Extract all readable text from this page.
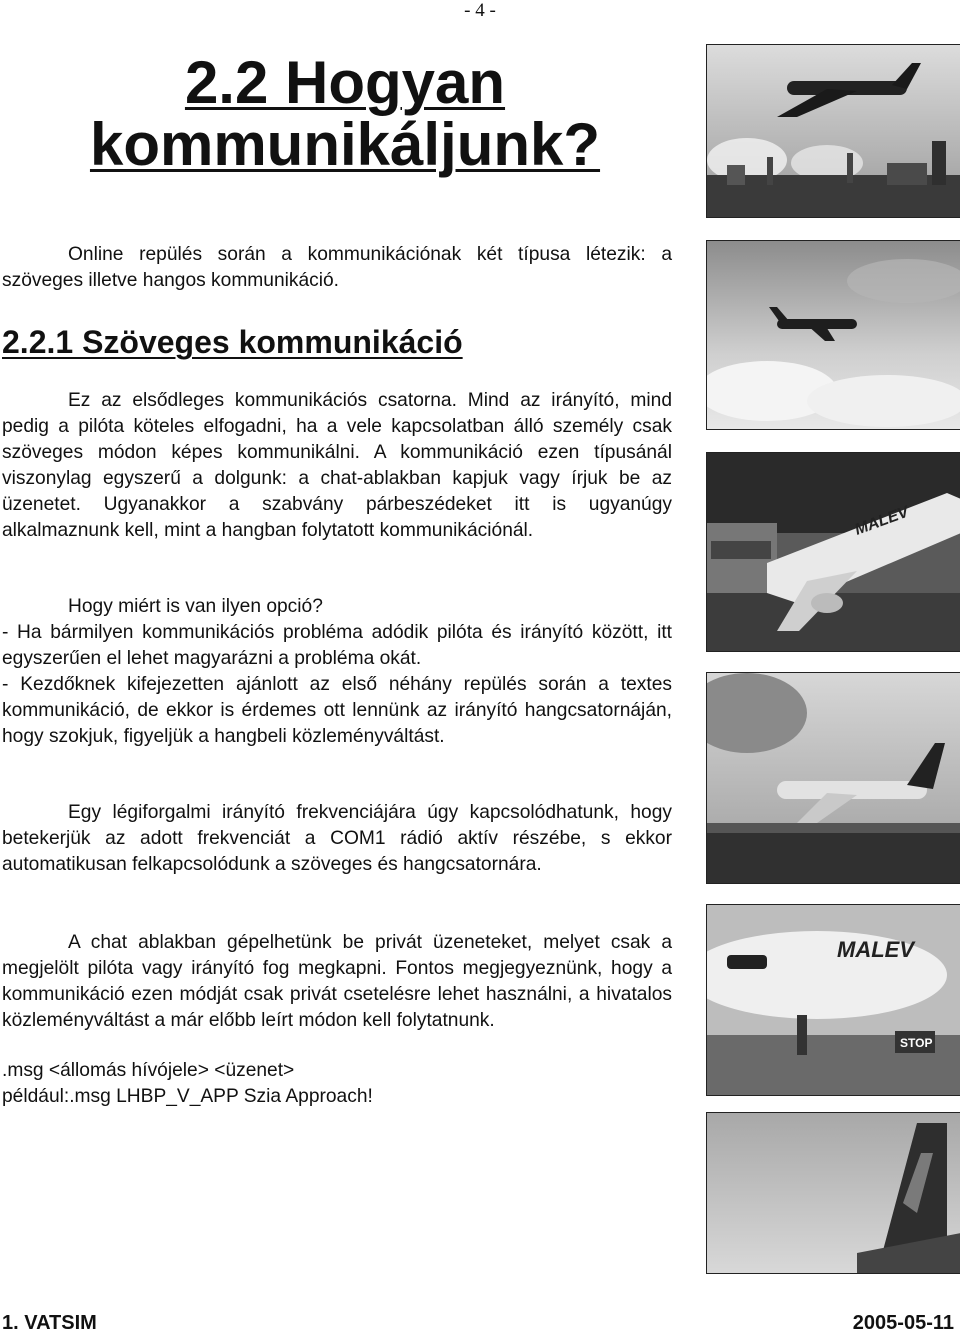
- 4 -
2.2 Hogyan
kommunikáljunk?

Online repülés során a kommunikációnak két típusa létezik: a szöveges illetve hangos kommunikáció.

2.2.1 Szöveges kommunikáció

Ez az elsődleges kommunikációs csatorna. Mind az irányító, mind pedig a pilóta köteles elfogadni, ha a vele kapcsolatban álló személy csak szöveges módon képes kommunikálni. A kommunikáció ezen típusánál viszonylag egyszerű a dolgunk: a chat-ablakban kapjuk vagy írjuk be az üzenetet. Ugyanakkor a szabvány párbeszédeket itt is ugyanúgy alkalmaznunk kell, mint a hangban folytatott kommunikációnál.

Hogy miért is van ilyen opció?

- Ha bármilyen kommunikációs probléma adódik pilóta és irányító között, itt egyszerűen el lehet magyarázni a probléma okát.

- Kezdőknek kifejezetten ajánlott az első néhány repülés során a textes kommunikáció, de ekkor is érdemes ott lennünk az irányító hangcsatornáján, hogy szokjuk, figyeljük a hangbeli közleményváltást.

Egy légiforgalmi irányító frekvenciájára úgy kapcsolódhatunk, hogy betekerjük az adott frekvenciát a COM1 rádió aktív részébe, s ekkor automatikusan felkapcsolódunk a szöveges és hangcsatornára.

A chat ablakban gépelhetünk be privát üzeneteket, melyet csak a megjelölt pilóta vagy irányító fog megkapni. Fontos megjegyeznünk, hogy a kommunikáció ezen módját csak privát csetelésre lehet használni, a hivatalos közleményváltást a már előbb leírt módon kell folytatnunk.

.msg <állomás hívójele> <üzenet>
például:.msg LHBP_V_APP Szia Approach!
MALEV
MALEV
STOP
1. VATSIM	2005-05-11
